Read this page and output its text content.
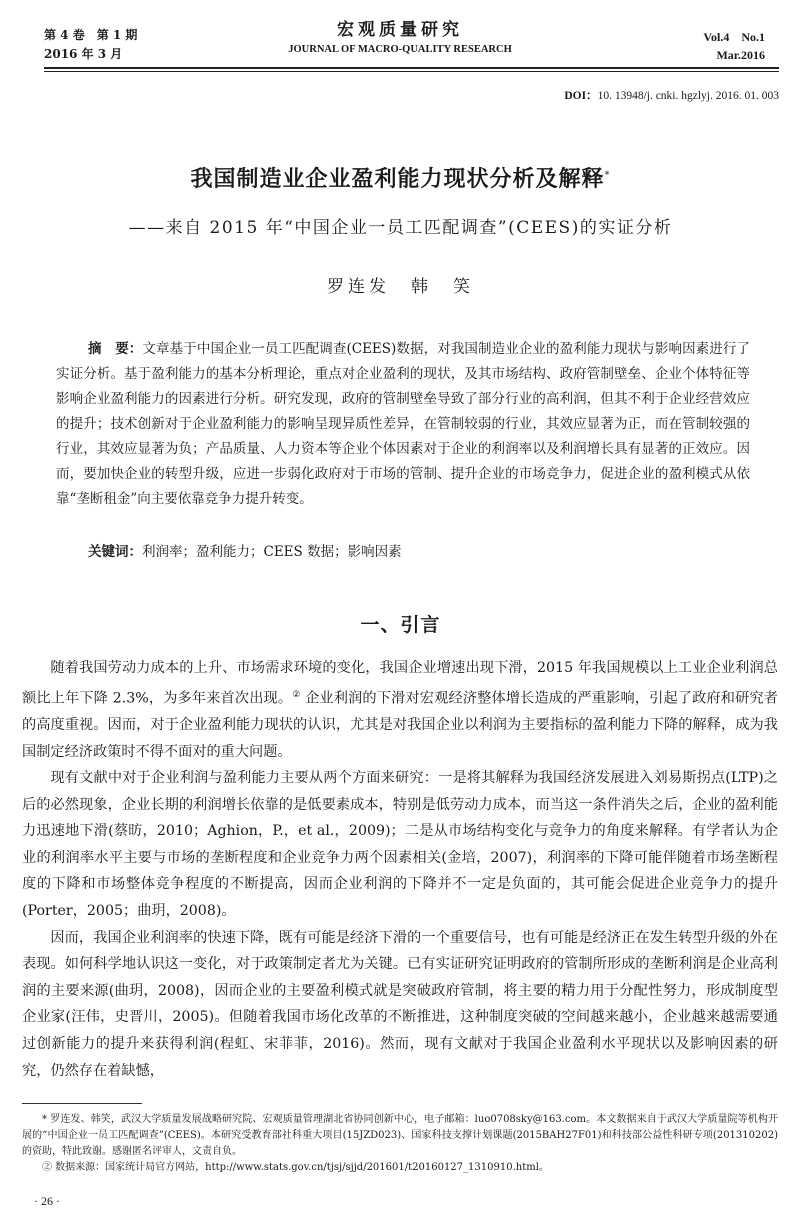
第 4 卷　第 1 期
2016 年 3 月
宏观质量研究
JOURNAL OF MACRO-QUALITY RESEARCH
Vol.4　No.1
Mar.2016
DOI：10. 13948/j. cnki. hgzlyj. 2016. 01. 003
我国制造业企业盈利能力现状分析及解释*
——来自 2015 年“中国企业一员工匹配调查”(CEES)的实证分析
罗连发　韩　笑
摘　要：文章基于中国企业一员工匹配调查(CEES)数据，对我国制造业企业的盈利能力现状与影响因素进行了实证分析。基于盈利能力的基本分析理论，重点对企业盈利的现状，及其市场结构、政府管制壁垒、企业个体特征等影响企业盈利能力的因素进行分析。研究发现，政府的管制壁垒导致了部分行业的高利润，但其不利于企业经营效应的提升；技术创新对于企业盈利能力的影响呈现异质性差异，在管制较弱的行业，其效应显著为正，而在管制较强的行业，其效应显著为负；产品质量、人力资本等企业个体因素对于企业的利润率以及利润增长具有显著的正效应。因而，要加快企业的转型升级，应进一步弱化政府对于市场的管制、提升企业的市场竞争力，促进企业的盈利模式从依靠“垄断租金”向主要依靠竞争力提升转变。
关键词：利润率；盈利能力；CEES 数据；影响因素
一、引言

随着我国劳动力成本的上升、市场需求环境的变化，我国企业增速出现下滑，2015 年我国规模以上工业企业利润总额比上年下降 2.3%，为多年来首次出现。② 企业利润的下滑对宏观经济整体增长造成的严重影响，引起了政府和研究者的高度重视。因而，对于企业盈利能力现状的认识，尤其是对我国企业以利润为主要指标的盈利能力下降的解释，成为我国制定经济政策时不得不面对的重大问题。

现有文献中对于企业利润与盈利能力主要从两个方面来研究：一是将其解释为我国经济发展进入刘易斯拐点(LTP)之后的必然现象，企业长期的利润增长依靠的是低要素成本，特别是低劳动力成本，而当这一条件消失之后，企业的盈利能力迅速地下滑(蔡昉，2010；Aghion，P.，et al.，2009)；二是从市场结构变化与竞争力的角度来解释。有学者认为企业的利润率水平主要与市场的垄断程度和企业竞争力两个因素相关(金培，2007)，利润率的下降可能伴随着市场垄断程度的下降和市场整体竞争程度的不断提高，因而企业利润的下降并不一定是负面的，其可能会促进企业竞争力的提升(Porter，2005；曲玥，2008)。

因而，我国企业利润率的快速下降，既有可能是经济下滑的一个重要信号，也有可能是经济正在发生转型升级的外在表现。如何科学地认识这一变化，对于政策制定者尤为关键。已有实证研究证明政府的管制所形成的垄断利润是企业高利润的主要来源(曲玥，2008)，因而企业的主要盈利模式就是突破政府管制，将主要的精力用于分配性努力，形成制度型企业家(汪伟，史晋川，2005)。但随着我国市场化改革的不断推进，这种制度突破的空间越来越小，企业越来越需要通过创新能力的提升来获得利润(程虹、宋菲菲，2016)。然而，现有文献对于我国企业盈利水平现状以及影响因素的研究，仍然存在着缺憾，

* 罗连发、韩笑，武汉大学质量发展战略研究院、宏观质量管理湖北省协同创新中心，电子邮箱：luo0708sky@163.com。本文数据来自于武汉大学质量院等机构开展的“中国企业一员工匹配调查”(CEES)。本研究受教育部社科重大项目(15JZD023)、国家科技支撑计划课题(2015BAH27F01)和科技部公益性科研专项(201310202)的资助，特此致谢。感谢匿名评审人，文责自负。

② 数据来源：国家统计局官方网站，http://www.stats.gov.cn/tjsj/sjjd/201601/t20160127_1310910.html。

· 26 ·
